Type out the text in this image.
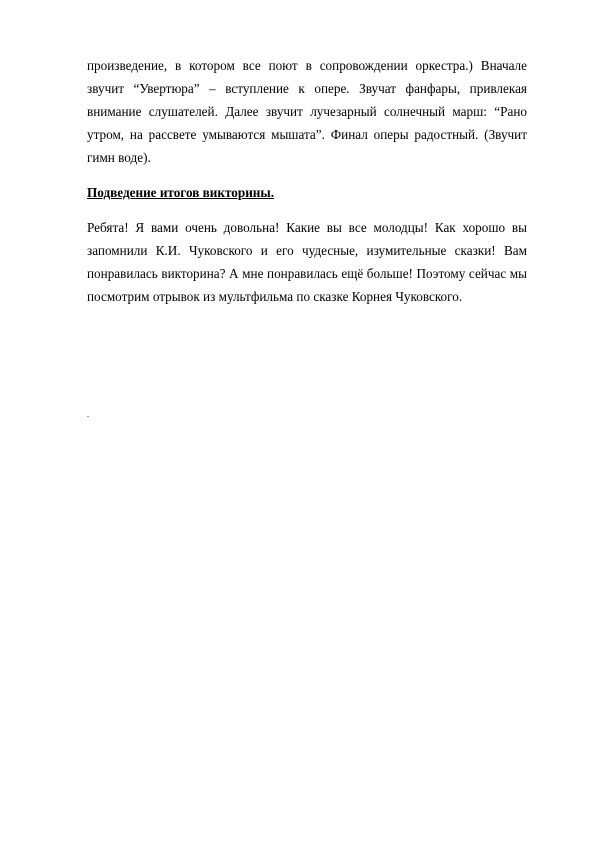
произведение, в котором все поют в сопровождении оркестра.) Вначале звучит “Увертюра” – вступление к опере. Звучат фанфары, привлекая внимание слушателей. Далее звучит лучезарный солнечный марш: “Рано утром, на рассвете умываются мышата”. Финал оперы радостный. (Звучит гимн воде).

Подведение итогов викторины.

Ребята! Я вами очень довольна! Какие вы все молодцы! Как хорошо вы запомнили К.И. Чуковского и его чудесные, изумительные сказки! Вам понравилась викторина? А мне понравилась ещё больше! Поэтому сейчас мы посмотрим отрывок из мультфильма по сказке Корнея Чуковского.

.
